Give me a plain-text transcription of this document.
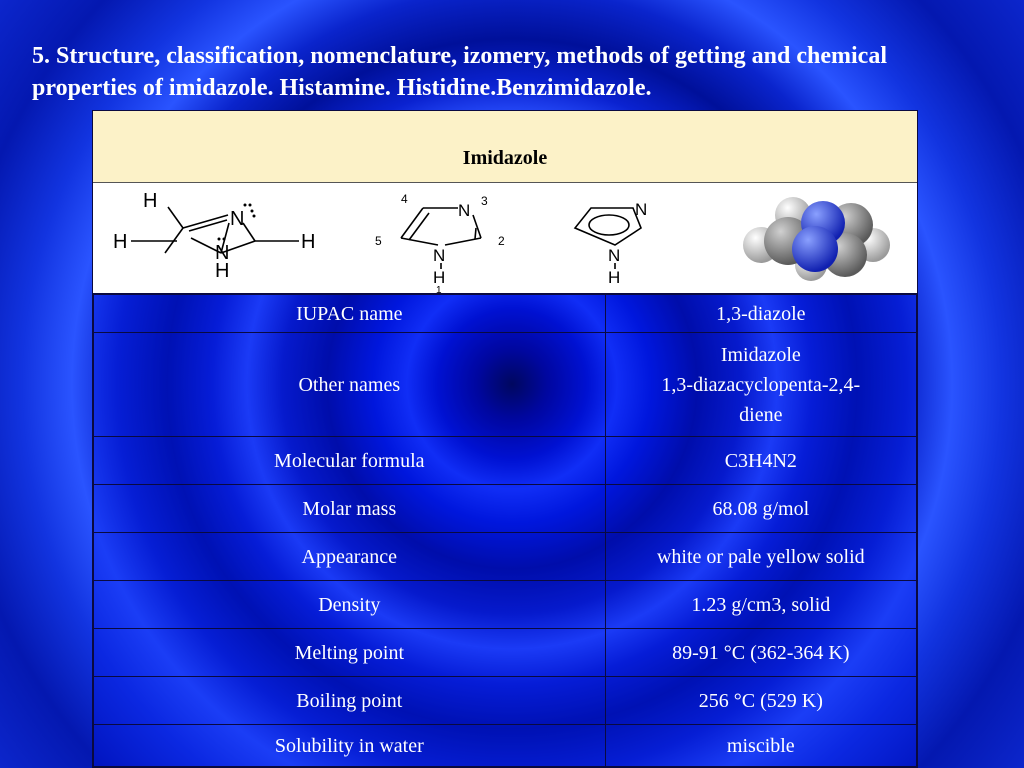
5. Structure, classification, nomenclature, izomery, methods of getting and chemical properties of imidazole. Histamine. Histidine.Benzimidazole.
Imidazole
H
H	H
N
N
H
N
N
H
1
2
3
4
5
N
N
H
IUPAC name	1,3-diazole

Other names	Imidazole
1,3-diazacyclopenta-2,4-
diene

Molecular formula	C3H4N2

Molar mass	68.08 g/mol

Appearance	white or pale yellow solid

Density	1.23 g/cm3, solid

Melting point	89-91 °C (362-364 K)

Boiling point	256 °C (529 K)

Solubility in water	miscible
